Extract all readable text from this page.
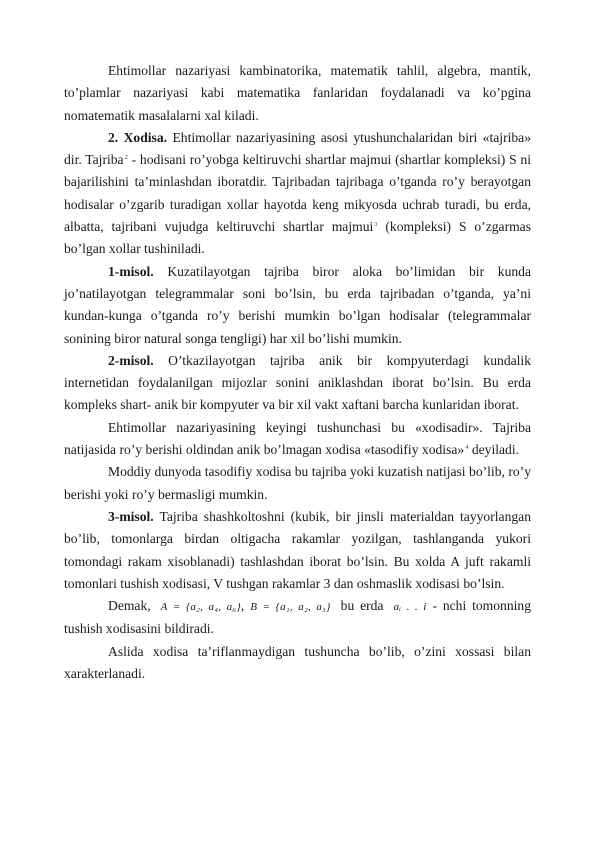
Ehtimollar nazariyasi kambinatorika, matematik tahlil, algebra, mantik, to’plamlar nazariyasi kabi matematika fanlaridan foydalanadi va ko’pgina nomatematik masalalarni xal kiladi.

2. Xodisa. Ehtimollar nazariyasining asosi ytushunchalaridan biri «tajriba» dir. Tajriba$^2$ - hodisani ro’yobga keltiruvchi shartlar majmui (shartlar kompleksi) S ni bajarilishini ta’minlashdan iboratdir. Tajribadan tajribaga o’tganda ro’y berayotgan hodisalar o’zgarib turadigan xollar hayotda keng mikyosda uchrab turadi, bu erda, albatta, tajribani vujudga keltiruvchi shartlar majmui$^3$ (kompleksi) S o’zgarmas bo’lgan xollar tushiniladi.

1-misol. Kuzatilayotgan tajriba biror aloka bo’limidan bir kunda jo’natilayotgan telegrammalar soni bo’lsin, bu erda tajribadan o’tganda, ya’ni kundan-kunga o’tganda ro’y berishi mumkin bo’lgan hodisalar (telegrammalar sonining biror natural songa tengligi) har xil bo’lishi mumkin.

2-misol. O’tkazilayotgan tajriba anik bir kompyuterdagi kundalik internetidan foydalanilgan mijozlar sonini aniklashdan iborat bo’lsin. Bu erda kompleks shart- anik bir kompyuter va bir xil vakt xaftani barcha kunlaridan iborat.

Ehtimollar nazariyasining keyingi tushunchasi bu «xodisadir». Tajriba natijasida ro’y berishi oldindan anik bo’lmagan xodisa «tasodifiy xodisa»$^4$ deyiladi.

Moddiy dunyoda tasodifiy xodisa bu tajriba yoki kuzatish natijasi bo’lib, ro’y berishi yoki ro’y bermasligi mumkin.

3-misol. Tajriba shashkoltoshni (kubik, bir jinsli materialdan tayyorlangan bo’lib, tomonlarga birdan oltigacha rakamlar yozilgan, tashlanganda yukori tomondagi rakam xisoblanadi) tashlashdan iborat bo’lsin. Bu xolda A juft rakamli tomonlari tushish xodisasi, V tushgan rakamlar 3 dan oshmaslik xodisasi bo’lsin.

Demak, A = {a₂, a₄, a₆}, B = {a₁, a₂, a₃} bu erda aᵢ . . i - nchi tomonning tushish xodisasini bildiradi.

Aslida xodisa ta’riflanmaydigan tushuncha bo’lib, o’zini xossasi bilan xarakterlanadi.
